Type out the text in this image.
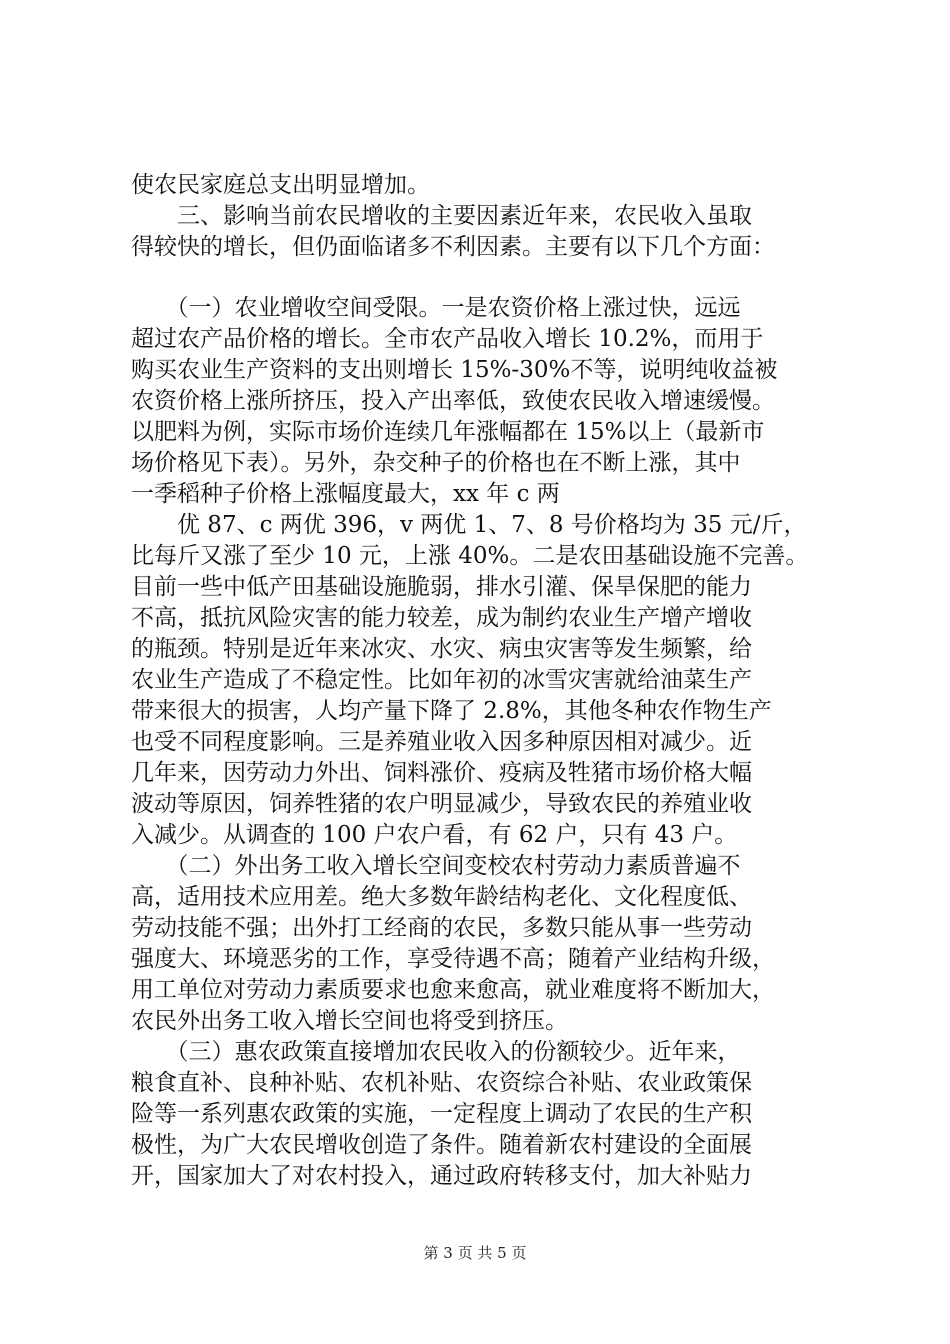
使农民家庭总支出明显增加。
　　三、影响当前农民增收的主要因素近年来，农民收入虽取
得较快的增长，但仍面临诸多不利因素。主要有以下几个方面：
　　（一）农业增收空间受限。一是农资价格上涨过快，远远
超过农产品价格的增长。全市农产品收入增长 10.2%，而用于
购买农业生产资料的支出则增长 15%-30%不等，说明纯收益被
农资价格上涨所挤压，投入产出率低，致使农民收入增速缓慢。
以肥料为例，实际市场价连续几年涨幅都在 15%以上（最新市
场价格见下表）。另外，杂交种子的价格也在不断上涨，其中
一季稻种子价格上涨幅度最大，xx 年 c 两
　　优 87、c 两优 396，v 两优 1、7、8 号价格均为 35 元/斤，
比每斤又涨了至少 10 元，上涨 40%。二是农田基础设施不完善。
目前一些中低产田基础设施脆弱，排水引灌、保旱保肥的能力
不高，抵抗风险灾害的能力较差，成为制约农业生产增产增收
的瓶颈。特别是近年来冰灾、水灾、病虫灾害等发生频繁，给
农业生产造成了不稳定性。比如年初的冰雪灾害就给油菜生产
带来很大的损害，人均产量下降了 2.8%，其他冬种农作物生产
也受不同程度影响。三是养殖业收入因多种原因相对减少。近
几年来，因劳动力外出、饲料涨价、疫病及牲猪市场价格大幅
波动等原因，饲养牲猪的农户明显减少，导致农民的养殖业收
入减少。从调查的 100 户农户看，有 62 户，只有 43 户。
　　（二）外出务工收入增长空间变校农村劳动力素质普遍不
高，适用技术应用差。绝大多数年龄结构老化、文化程度低、
劳动技能不强；出外打工经商的农民，多数只能从事一些劳动
强度大、环境恶劣的工作，享受待遇不高；随着产业结构升级，
用工单位对劳动力素质要求也愈来愈高，就业难度将不断加大，
农民外出务工收入增长空间也将受到挤压。
　　（三）惠农政策直接增加农民收入的份额较少。近年来，
粮食直补、良种补贴、农机补贴、农资综合补贴、农业政策保
险等一系列惠农政策的实施，一定程度上调动了农民的生产积
极性，为广大农民增收创造了条件。随着新农村建设的全面展
开，国家加大了对农村投入，通过政府转移支付，加大补贴力
第 3 页 共 5 页
